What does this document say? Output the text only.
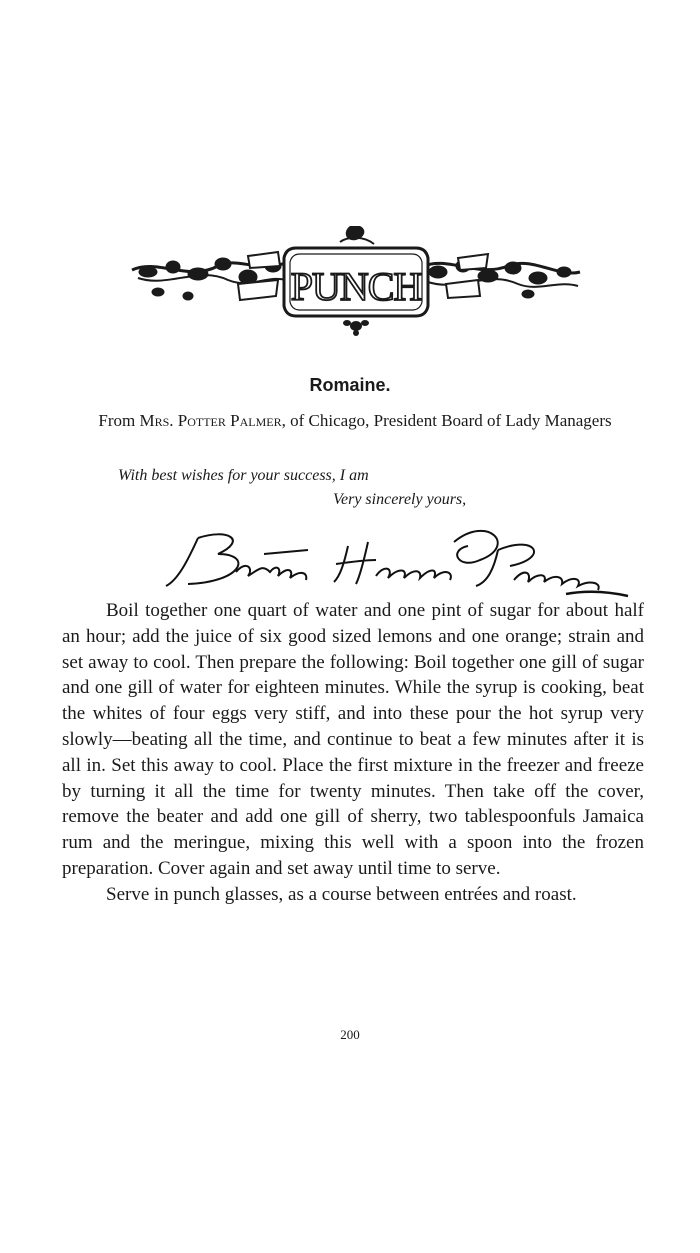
PUNCH
Romaine.
From Mrs. Potter Palmer, of Chicago, President Board of Lady Managers
With best wishes for your success, I am
Very sincerely yours,

Boil together one quart of water and one pint of sugar for about half an hour; add the juice of six good sized lemons and one orange; strain and set away to cool. Then prepare the following: Boil together one gill of sugar and one gill of water for eighteen minutes. While the syrup is cooking, beat the whites of four eggs very stiff, and into these pour the hot syrup very slowly—beating all the time, and continue to beat a few minutes after it is all in. Set this away to cool. Place the first mixture in the freezer and freeze by turning it all the time for twenty minutes. Then take off the cover, remove the beater and add one gill of sherry, two tablespoonfuls Jamaica rum and the meringue, mixing this well with a spoon into the frozen preparation. Cover again and set away until time to serve.

Serve in punch glasses, as a course between entrées and roast.

200
